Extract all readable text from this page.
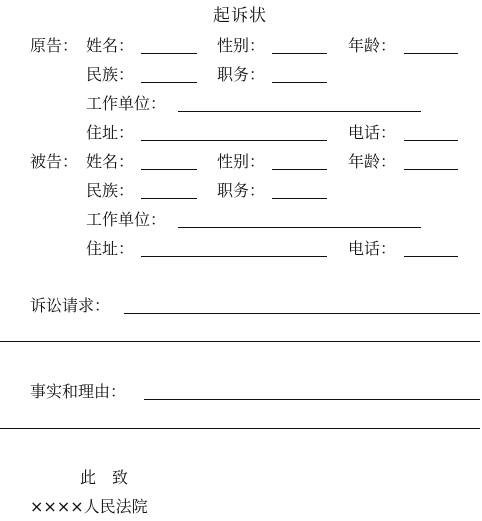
起诉状
原告： 姓名：	性别：	年龄：
民族：	职务：
工作单位：
住址：	电话：
被告： 姓名：	性别：	年龄：
民族：	职务：
工作单位：
住址：	电话：
诉讼请求：
事实和理由：
此　致
××××人民法院
